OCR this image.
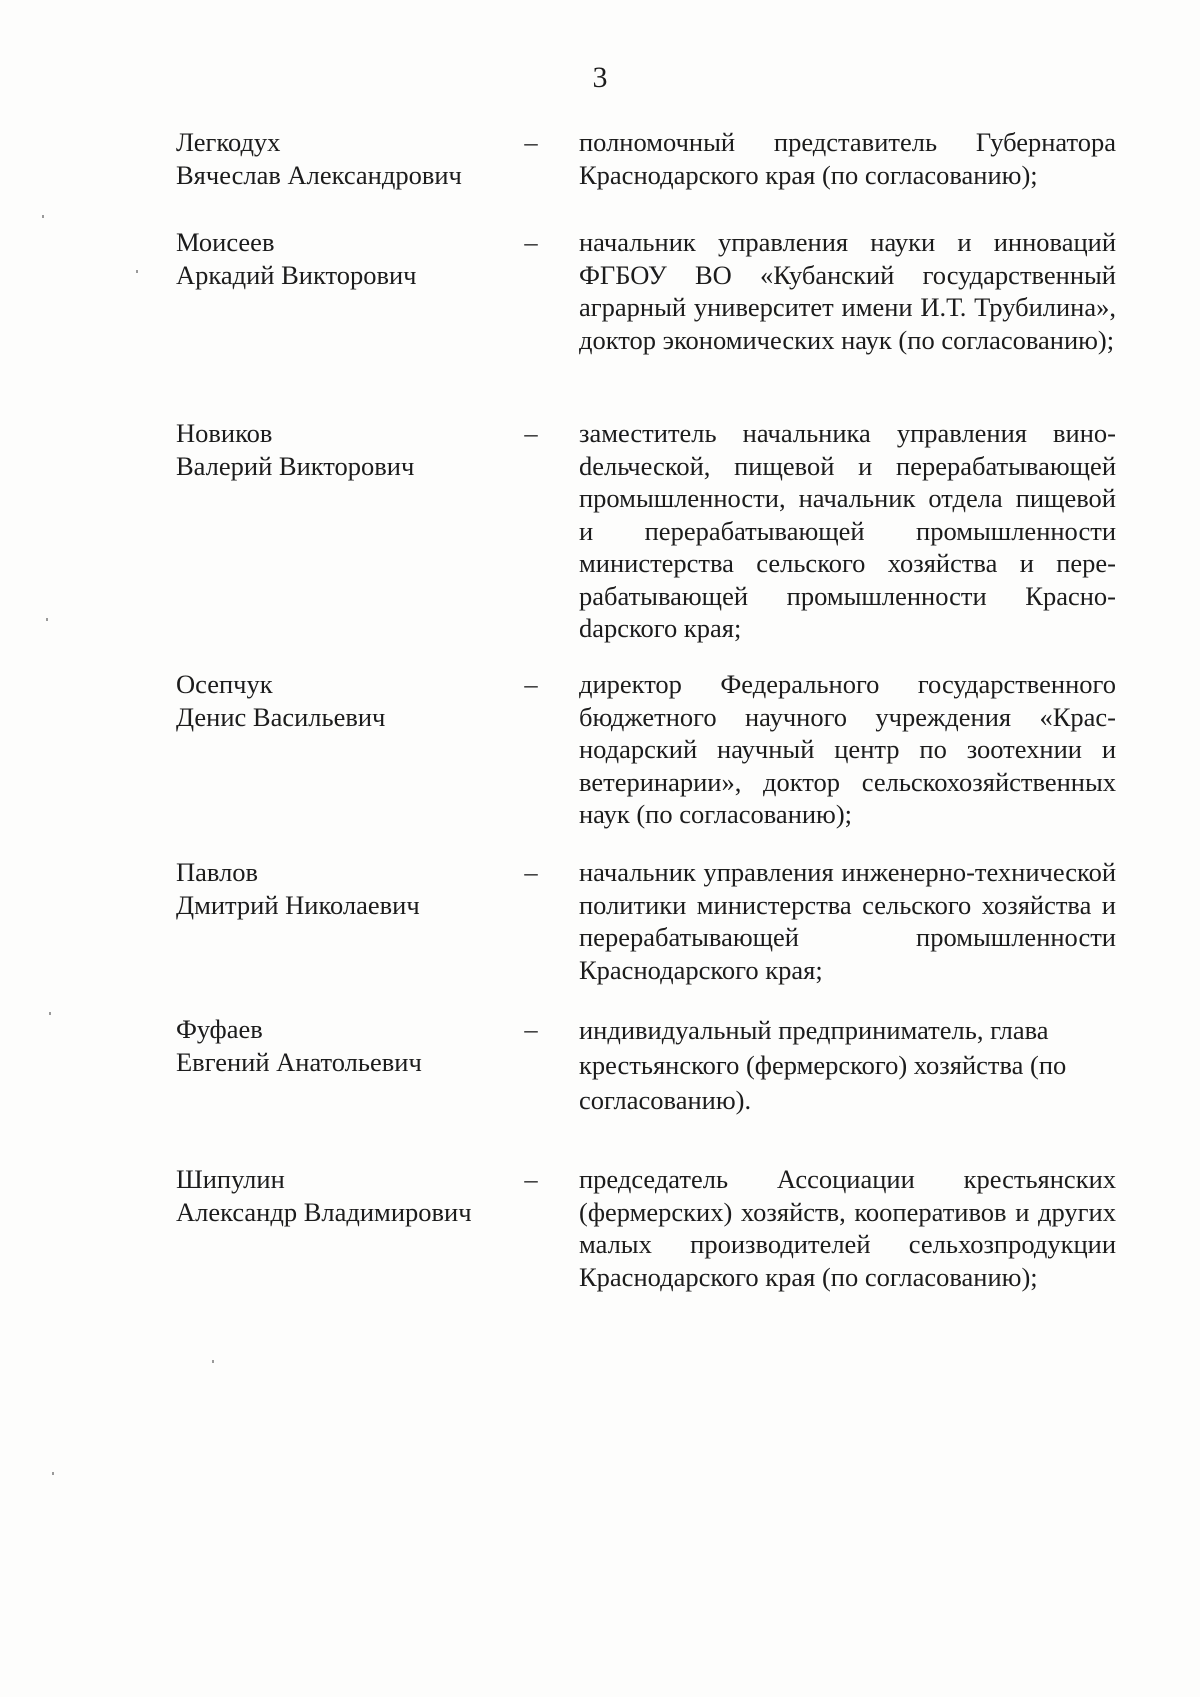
3
Легкодух
Вячеслав Александрович
–	полномочный представитель Губернатора Краснодарского края (по согласованию);
Моисеев
Аркадий Викторович
–	начальник управления науки и инноваций ФГБОУ ВО «Кубанский государственный аграрный университет имени И.Т. Трубилина», доктор экономических наук (по согласованию);
Новиков
Валерий Викторович
–	заместитель начальника управления виноdельческой, пищевой и перерабатывающей промышленности, начальник отдела пищевой и перерабатывающей промышленности министерства сельского хозяйства и перерабатывающей промышленности Красноdарского края;
Осепчук
Денис Васильевич
–	директор Федерального государственного бюджетного научного учреждения «Краснодарский научный центр по зоотехнии и ветеринарии», доктор сельскохозяйственных наук (по согласованию);
Павлов
Дмитрий Николаевич
–	начальник управления инженерно-технической политики министерства сельского хозяйства и перерабатывающей промышленности Краснодарского края;
Фуфаев
Евгений Анатольевич
–	индивидуальный предприниматель, глава крестьянского (фермерского) хозяйства (по согласованию).
Шипулин
Александр Владимирович
–	председатель Ассоциации крестьянских (фермерских) хозяйств, кооперативов и других малых производителей сельхозпродукции Краснодарского края (по согласованию);
